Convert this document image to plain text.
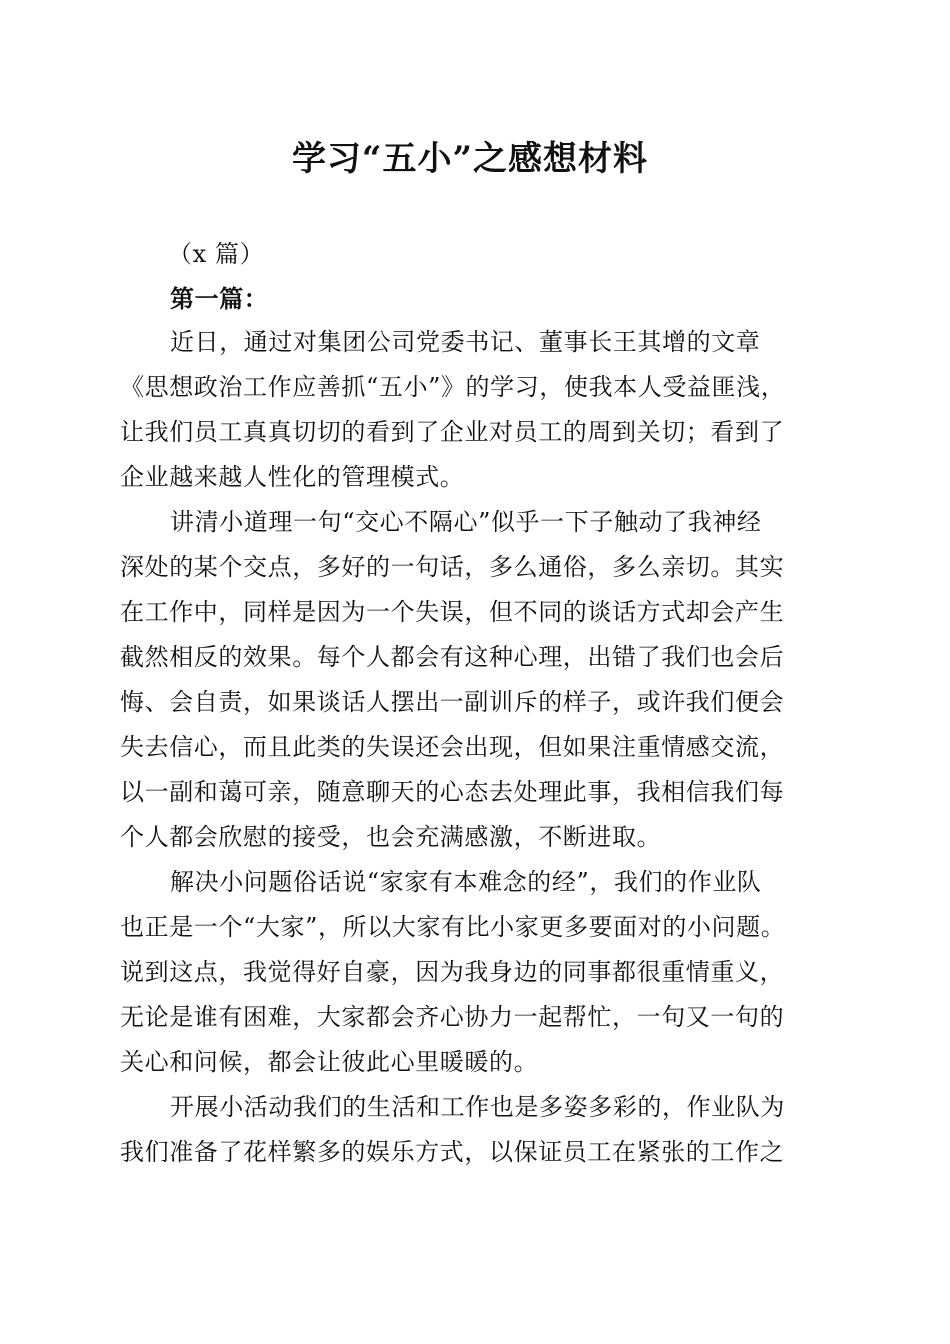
学习“五小”之感想材料
（x 篇）
第一篇：
近日，通过对集团公司党委书记、董事长王其增的文章
《思想政治工作应善抓“五小”》的学习，使我本人受益匪浅，
让我们员工真真切切的看到了企业对员工的周到关切；看到了
企业越来越人性化的管理模式。
讲清小道理一句“交心不隔心”似乎一下子触动了我神经
深处的某个交点，多好的一句话，多么通俗，多么亲切。其实
在工作中，同样是因为一个失误，但不同的谈话方式却会产生
截然相反的效果。每个人都会有这种心理，出错了我们也会后
悔、会自责，如果谈话人摆出一副训斥的样子，或许我们便会
失去信心，而且此类的失误还会出现，但如果注重情感交流，
以一副和蔼可亲，随意聊天的心态去处理此事，我相信我们每
个人都会欣慰的接受，也会充满感激，不断进取。
解决小问题俗话说“家家有本难念的经”，我们的作业队
也正是一个“大家”，所以大家有比小家更多要面对的小问题。
说到这点，我觉得好自豪，因为我身边的同事都很重情重义，
无论是谁有困难，大家都会齐心协力一起帮忙，一句又一句的
关心和问候，都会让彼此心里暖暖的。
开展小活动我们的生活和工作也是多姿多彩的，作业队为
我们准备了花样繁多的娱乐方式，以保证员工在紧张的工作之
